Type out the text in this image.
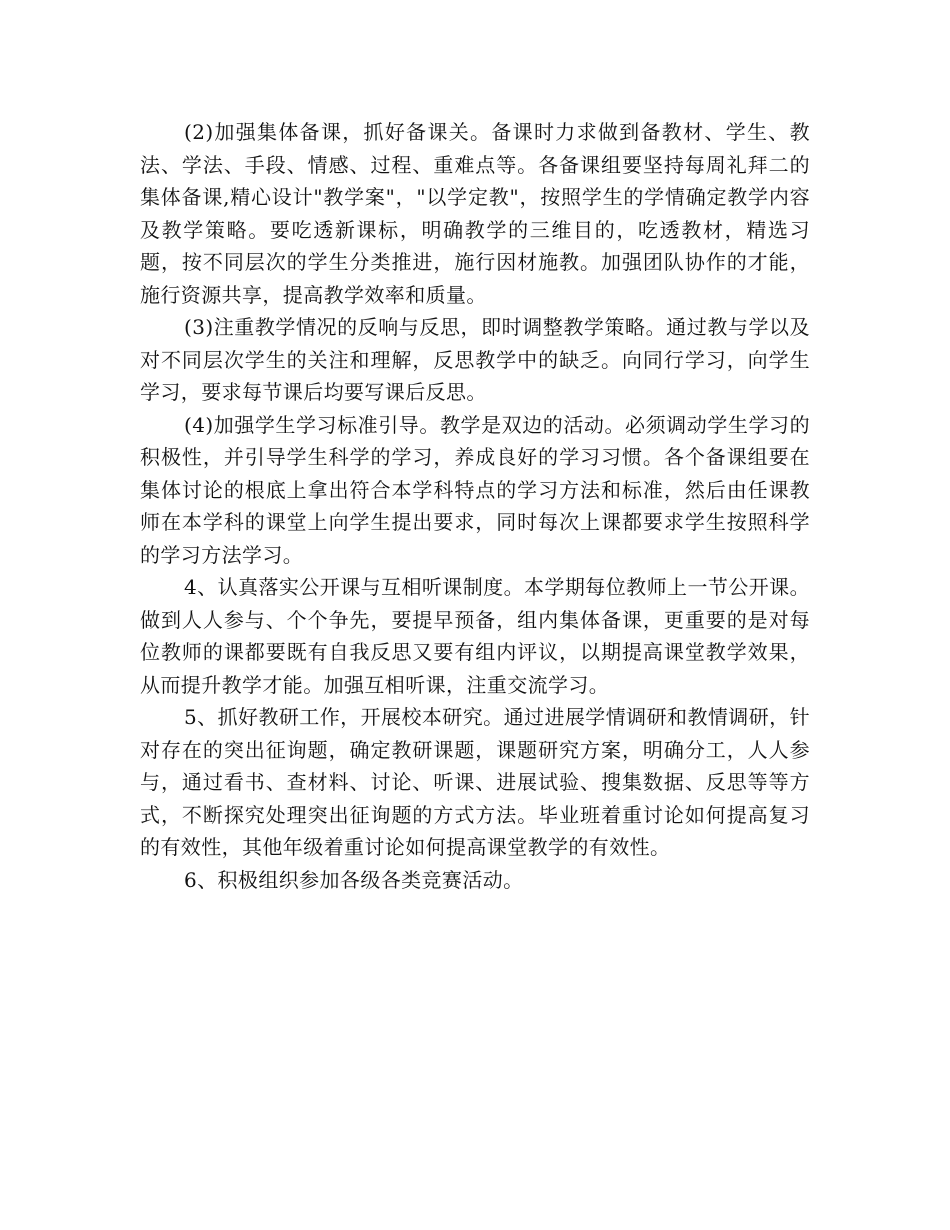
(2)加强集体备课，抓好备课关。备课时力求做到备教材、学生、教法、学法、手段、情感、过程、重难点等。各备课组要坚持每周礼拜二的集体备课,精心设计"教学案"，"以学定教"，按照学生的学情确定教学内容及教学策略。要吃透新课标，明确教学的三维目的，吃透教材，精选习题，按不同层次的学生分类推进，施行因材施教。加强团队协作的才能，施行资源共享，提高教学效率和质量。

(3)注重教学情况的反响与反思，即时调整教学策略。通过教与学以及对不同层次学生的关注和理解，反思教学中的缺乏。向同行学习，向学生学习，要求每节课后均要写课后反思。

(4)加强学生学习标准引导。教学是双边的活动。必须调动学生学习的积极性，并引导学生科学的学习，养成良好的学习习惯。各个备课组要在集体讨论的根底上拿出符合本学科特点的学习方法和标准，然后由任课教师在本学科的课堂上向学生提出要求，同时每次上课都要求学生按照科学的学习方法学习。

4、认真落实公开课与互相听课制度。本学期每位教师上一节公开课。做到人人参与、个个争先，要提早预备，组内集体备课，更重要的是对每位教师的课都要既有自我反思又要有组内评议，以期提高课堂教学效果，从而提升教学才能。加强互相听课，注重交流学习。

5、抓好教研工作，开展校本研究。通过进展学情调研和教情调研，针对存在的突出征询题，确定教研课题，课题研究方案，明确分工，人人参与，通过看书、查材料、讨论、听课、进展试验、搜集数据、反思等等方式，不断探究处理突出征询题的方式方法。毕业班着重讨论如何提高复习的有效性，其他年级着重讨论如何提高课堂教学的有效性。

6、积极组织参加各级各类竞赛活动。
